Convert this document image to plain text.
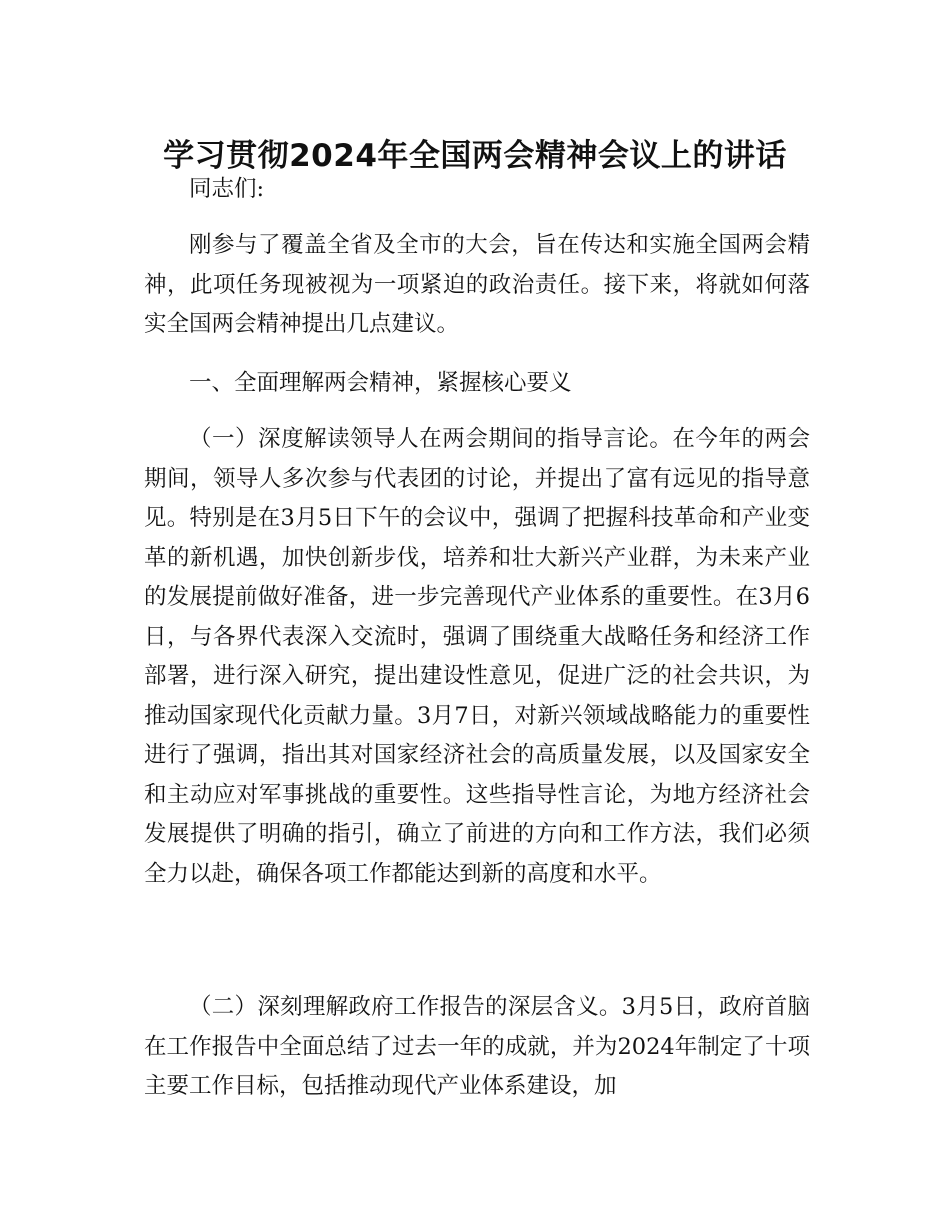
学习贯彻2024年全国两会精神会议上的讲话

同志们:

刚参与了覆盖全省及全市的大会，旨在传达和实施全国两会精神，此项任务现被视为一项紧迫的政治责任。接下来，将就如何落实全国两会精神提出几点建议。

一、全面理解两会精神，紧握核心要义

（一）深度解读领导人在两会期间的指导言论。在今年的两会期间，领导人多次参与代表团的讨论，并提出了富有远见的指导意见。特别是在3月5日下午的会议中，强调了把握科技革命和产业变革的新机遇，加快创新步伐，培养和壮大新兴产业群，为未来产业的发展提前做好准备，进一步完善现代产业体系的重要性。在3月6日，与各界代表深入交流时，强调了围绕重大战略任务和经济工作部署，进行深入研究，提出建设性意见，促进广泛的社会共识，为推动国家现代化贡献力量。3月7日，对新兴领域战略能力的重要性进行了强调，指出其对国家经济社会的高质量发展，以及国家安全和主动应对军事挑战的重要性。这些指导性言论，为地方经济社会发展提供了明确的指引，确立了前进的方向和工作方法，我们必须全力以赴，确保各项工作都能达到新的高度和水平。

（二）深刻理解政府工作报告的深层含义。3月5日，政府首脑在工作报告中全面总结了过去一年的成就，并为2024年制定了十项主要工作目标，包括推动现代产业体系建设，加
